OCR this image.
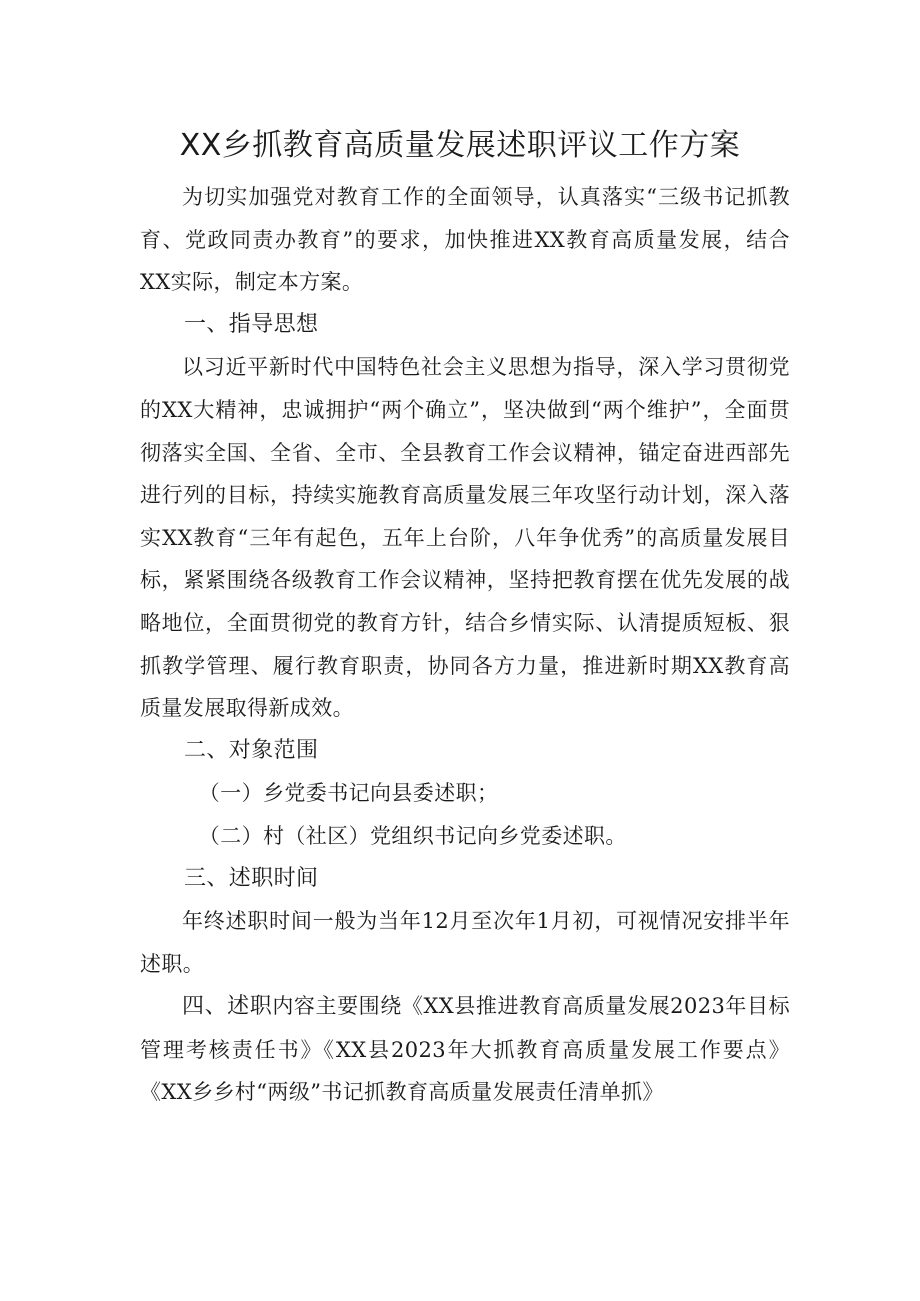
XX乡抓教育高质量发展述职评议工作方案

为切实加强党对教育工作的全面领导，认真落实“三级书记抓教育、党政同责办教育”的要求，加快推进XX教育高质量发展，结合XX实际，制定本方案。

一、指导思想

以习近平新时代中国特色社会主义思想为指导，深入学习贯彻党的XX大精神，忠诚拥护“两个确立”，坚决做到“两个维护”，全面贯彻落实全国、全省、全市、全县教育工作会议精神，锚定奋进西部先进行列的目标，持续实施教育高质量发展三年攻坚行动计划，深入落实XX教育“三年有起色，五年上台阶，八年争优秀”的高质量发展目标，紧紧围绕各级教育工作会议精神，坚持把教育摆在优先发展的战略地位，全面贯彻党的教育方针，结合乡情实际、认清提质短板、狠抓教学管理、履行教育职责，协同各方力量，推进新时期XX教育高质量发展取得新成效。

二、对象范围

（一）乡党委书记向县委述职；

（二）村（社区）党组织书记向乡党委述职。

三、述职时间

年终述职时间一般为当年12月至次年1月初，可视情况安排半年述职。

四、述职内容主要围绕《XX县推进教育高质量发展2023年目标管理考核责任书》《XX县2023年大抓教育高质量发展工作要点》《XX乡乡村“两级”书记抓教育高质量发展责任清单抓》
